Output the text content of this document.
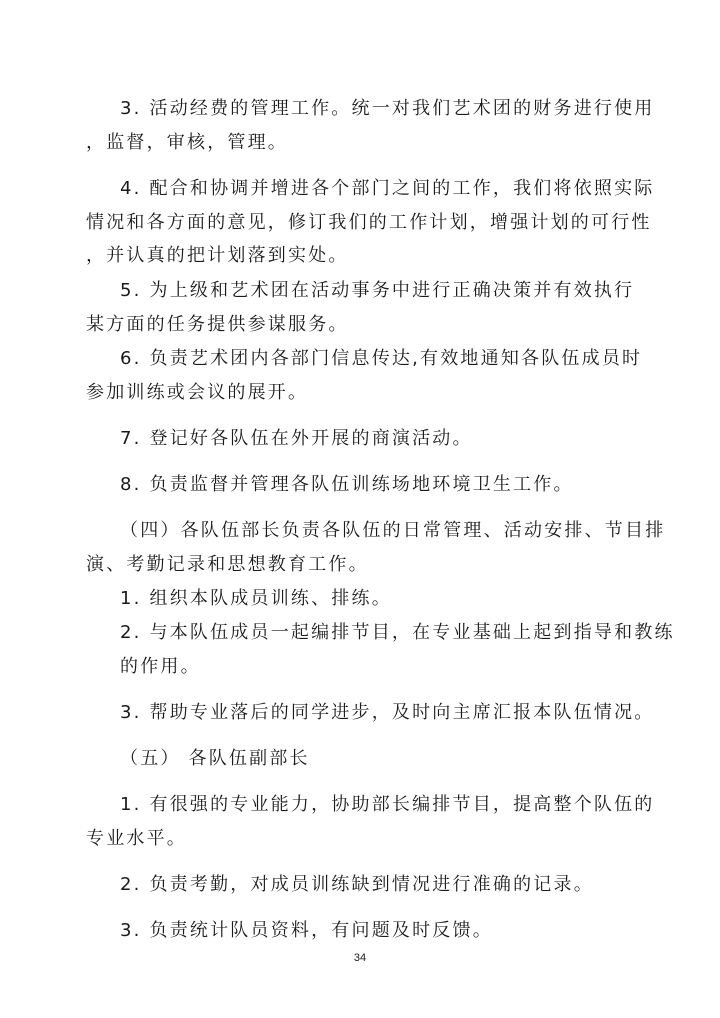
3. 活动经费的管理工作。统一对我们艺术团的财务进行使用
，监督，审核，管理。
4. 配合和协调并增进各个部门之间的工作，我们将依照实际
情况和各方面的意见，修订我们的工作计划，增强计划的可行性
，并认真的把计划落到实处。
5. 为上级和艺术团在活动事务中进行正确决策并有效执行
某方面的任务提供参谋服务。
6. 负责艺术团内各部门信息传达,有效地通知各队伍成员时
参加训练或会议的展开。
7. 登记好各队伍在外开展的商演活动。
8. 负责监督并管理各队伍训练场地环境卫生工作。
（四）各队伍部长负责各队伍的日常管理、活动安排、节目排
演、考勤记录和思想教育工作。
1. 组织本队成员训练、排练。
2. 与本队伍成员一起编排节目，在专业基础上起到指导和教练
的作用。
3. 帮助专业落后的同学进步，及时向主席汇报本队伍情况。
（五） 各队伍副部长
1. 有很强的专业能力，协助部长编排节目，提高整个队伍的
专业水平。
2. 负责考勤，对成员训练缺到情况进行准确的记录。
3. 负责统计队员资料，有问题及时反馈。
34
